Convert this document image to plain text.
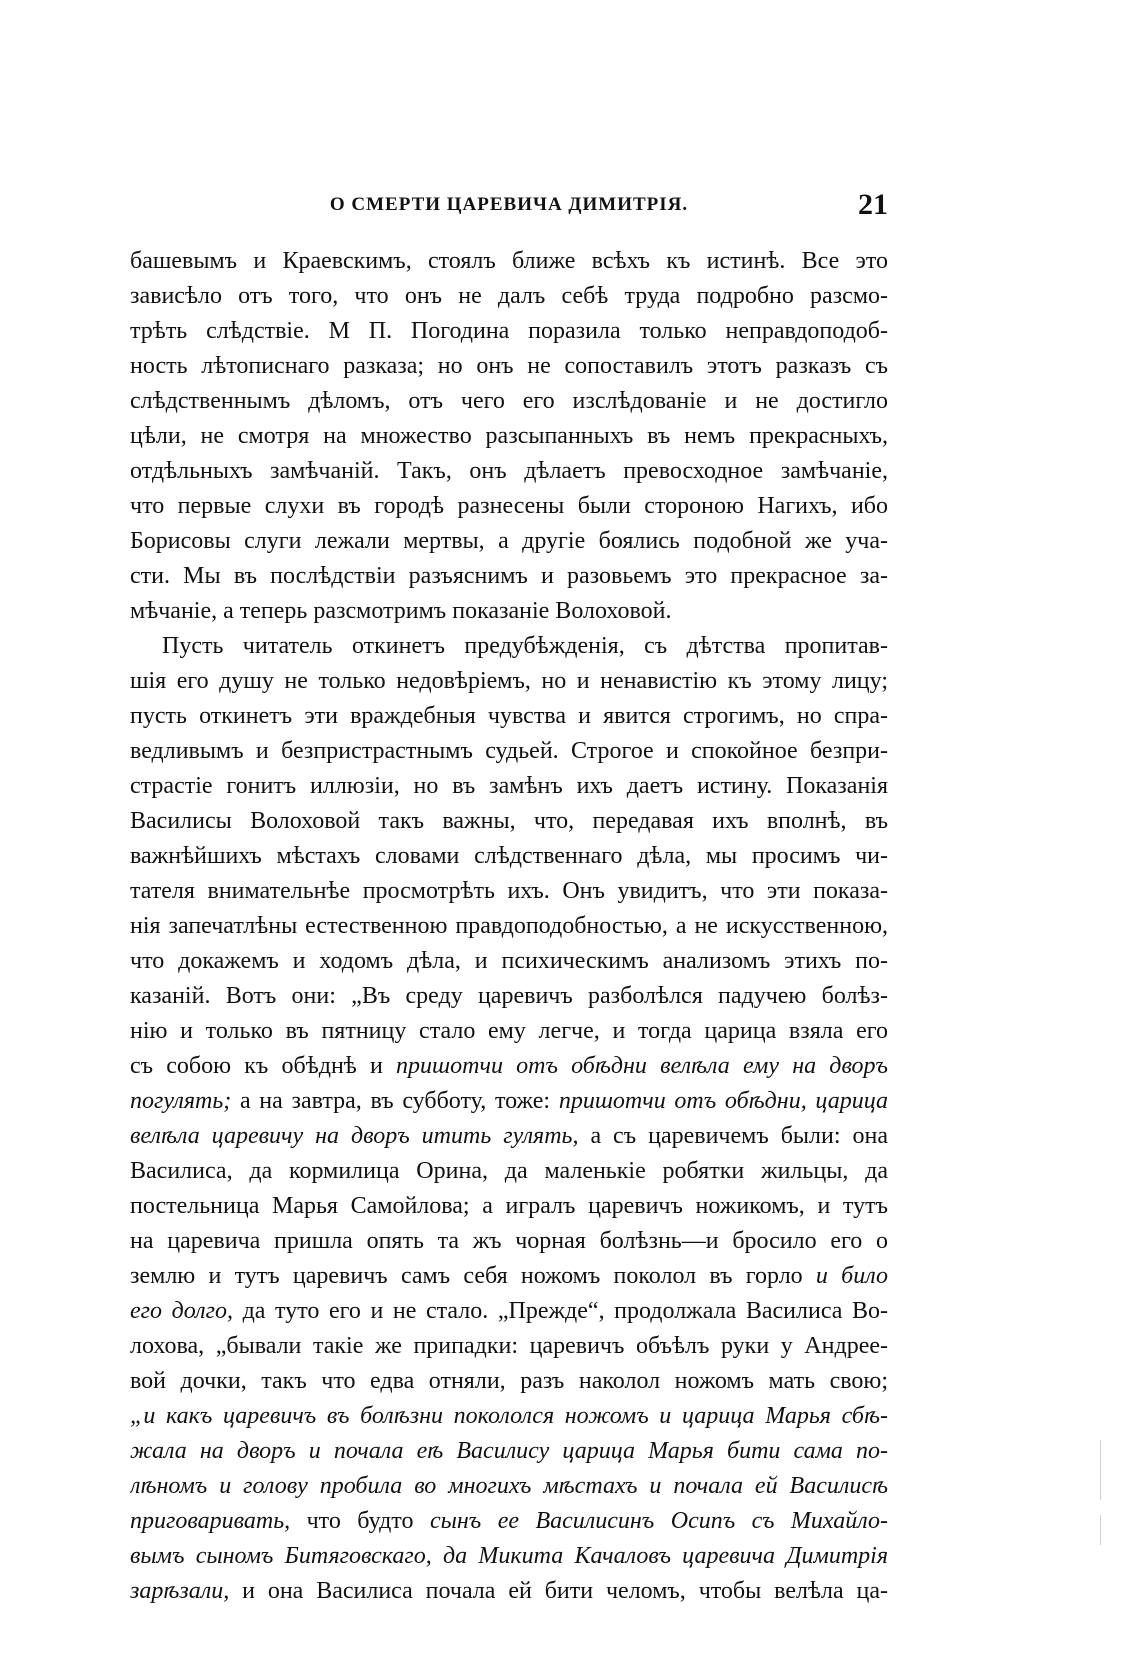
О СМЕРТИ ЦАРЕВИЧА ДИМИТРІЯ.	21
башевымъ и Краевскимъ, стоялъ ближе всѣхъ къ истинѣ. Все это
зависѣло отъ того, что онъ не далъ себѣ труда подробно разсмо-
трѣть слѣдствіе. М П. Погодина поразила только неправдоподоб-
ность лѣтописнаго разказа; но онъ не сопоставилъ этотъ разказъ съ
слѣдственнымъ дѣломъ, отъ чего его изслѣдованіе и не достигло
цѣли, не смотря на множество разсыпанныхъ въ немъ прекрасныхъ,
отдѣльныхъ замѣчаній. Такъ, онъ дѣлаетъ превосходное замѣчаніе,
что первые слухи въ городѣ разнесены были стороною Нагихъ, ибо
Борисовы слуги лежали мертвы, а другіе боялись подобной же уча-
сти. Мы въ послѣдствіи разъяснимъ и разовьемъ это прекрасное за-
мѣчаніе, а теперь разсмотримъ показаніе Волоховой.
Пусть читатель откинетъ предубѣжденія, съ дѣтства пропитав-
шія его душу не только недовѣріемъ, но и ненавистію къ этому лицу;
пусть откинетъ эти враждебныя чувства и явится строгимъ, но спра-
ведливымъ и безпристрастнымъ судьей. Строгое и спокойное безпри-
страстіе гонитъ иллюзіи, но въ замѣнъ ихъ даетъ истину. Показанія
Василисы Волоховой такъ важны, что, передавая ихъ вполнѣ, въ
важнѣйшихъ мѣстахъ словами слѣдственнаго дѣла, мы просимъ чи-
тателя внимательнѣе просмотрѣть ихъ. Онъ увидитъ, что эти показа-
нія запечатлѣны естественною правдоподобностью, а не искусственною,
что докажемъ и ходомъ дѣла, и психическимъ анализомъ этихъ по-
казаній. Вотъ они: „Въ среду царевичъ разболѣлся падучею болѣз-
нію и только въ пятницу стало ему легче, и тогда царица взяла его
съ собою къ обѣднѣ и пришотчи отъ обѣдни велѣла ему на дворъ
погулять; а на завтра, въ субботу, тоже: пришотчи отъ обѣдни, царица
велѣла царевичу на дворъ итить гулять, а съ царевичемъ были: она
Василиса, да кормилица Орина, да маленькіе робятки жильцы, да
постельница Марья Самойлова; а игралъ царевичъ ножикомъ, и тутъ
на царевича пришла опять та жъ чорная болѣзнь—и бросило его о
землю и тутъ царевичъ самъ себя ножомъ поколол въ горло и било
его долго, да туто его и не стало. „Прежде“, продолжала Василиса Во-
лохова, „бывали такіе же припадки: царевичъ объѣлъ руки у Андрее-
вой дочки, такъ что едва отняли, разъ наколол ножомъ мать свою;
„и какъ царевичъ въ болѣзни покололся ножомъ и царица Марья сбѣ-
жала на дворъ и почала еѣ Василису царица Марья бити сама по-
лѣномъ и голову пробила во многихъ мѣстахъ и почала ей Василисѣ
приговаривать, что будто сынъ ее Василисинъ Осипъ съ Михайло-
вымъ сыномъ Битяговскаго, да Микита Качаловъ царевича Димитрія
зарѣзали, и она Василиса почала ей бити челомъ, чтобы велѣла ца-
